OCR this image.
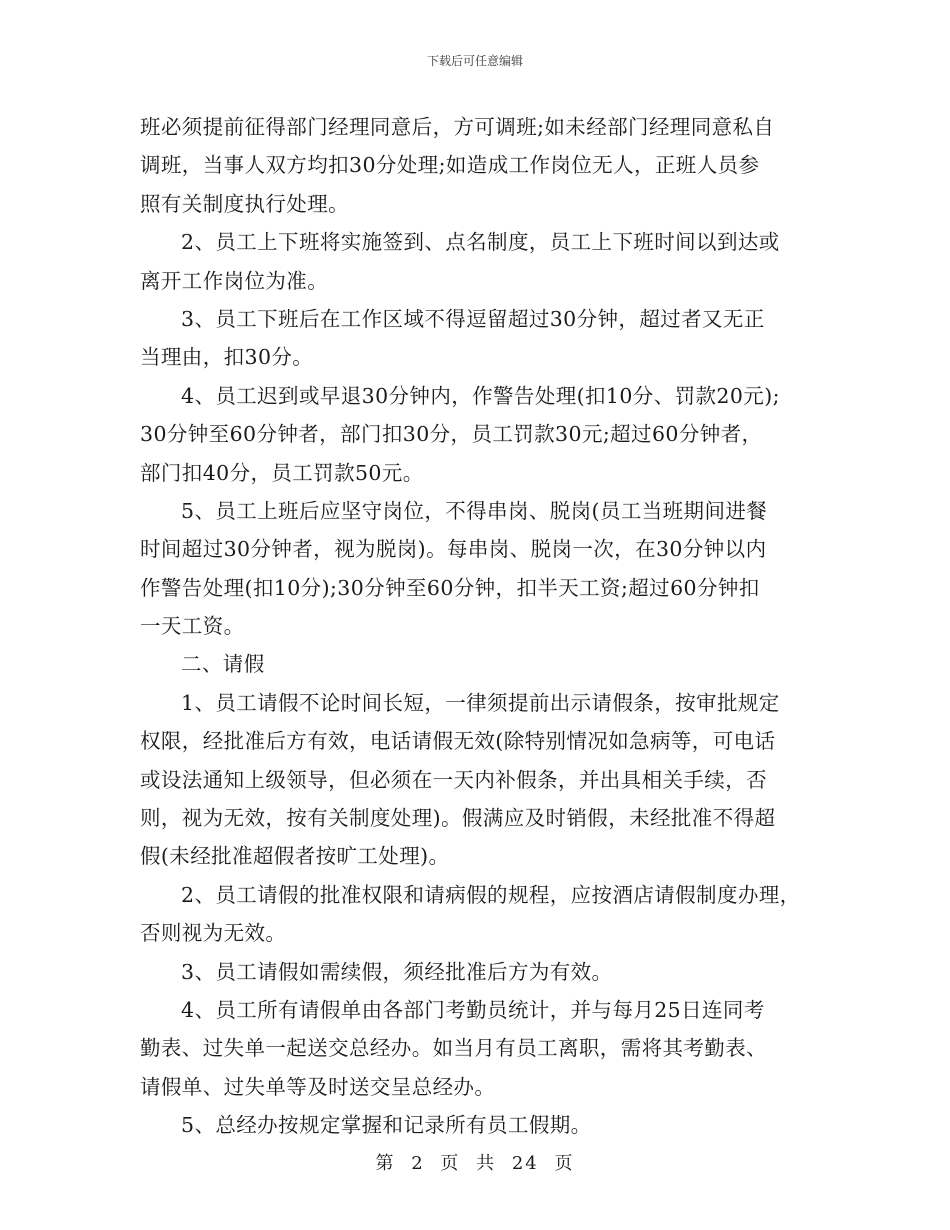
下载后可任意编辑
班必须提前征得部门经理同意后，方可调班;如未经部门经理同意私自
调班，当事人双方均扣30分处理;如造成工作岗位无人，正班人员参
照有关制度执行处理。
2、员工上下班将实施签到、点名制度，员工上下班时间以到达或
离开工作岗位为准。
3、员工下班后在工作区域不得逗留超过30分钟，超过者又无正
当理由，扣30分。
4、员工迟到或早退30分钟内，作警告处理(扣10分、罚款20元);
30分钟至60分钟者，部门扣30分，员工罚款30元;超过60分钟者，
部门扣40分，员工罚款50元。
5、员工上班后应坚守岗位，不得串岗、脱岗(员工当班期间进餐
时间超过30分钟者，视为脱岗)。每串岗、脱岗一次，在30分钟以内
作警告处理(扣10分);30分钟至60分钟，扣半天工资;超过60分钟扣
一天工资。
二、请假
1、员工请假不论时间长短，一律须提前出示请假条，按审批规定
权限，经批准后方有效，电话请假无效(除特别情况如急病等，可电话
或设法通知上级领导，但必须在一天内补假条，并出具相关手续，否
则，视为无效，按有关制度处理)。假满应及时销假，未经批准不得超
假(未经批准超假者按旷工处理)。
2、员工请假的批准权限和请病假的规程，应按酒店请假制度办理，
否则视为无效。
3、员工请假如需续假，须经批准后方为有效。
4、员工所有请假单由各部门考勤员统计，并与每月25日连同考
勤表、过失单一起送交总经办。如当月有员工离职，需将其考勤表、
请假单、过失单等及时送交呈总经办。
5、总经办按规定掌握和记录所有员工假期。
第 2 页 共 24 页
